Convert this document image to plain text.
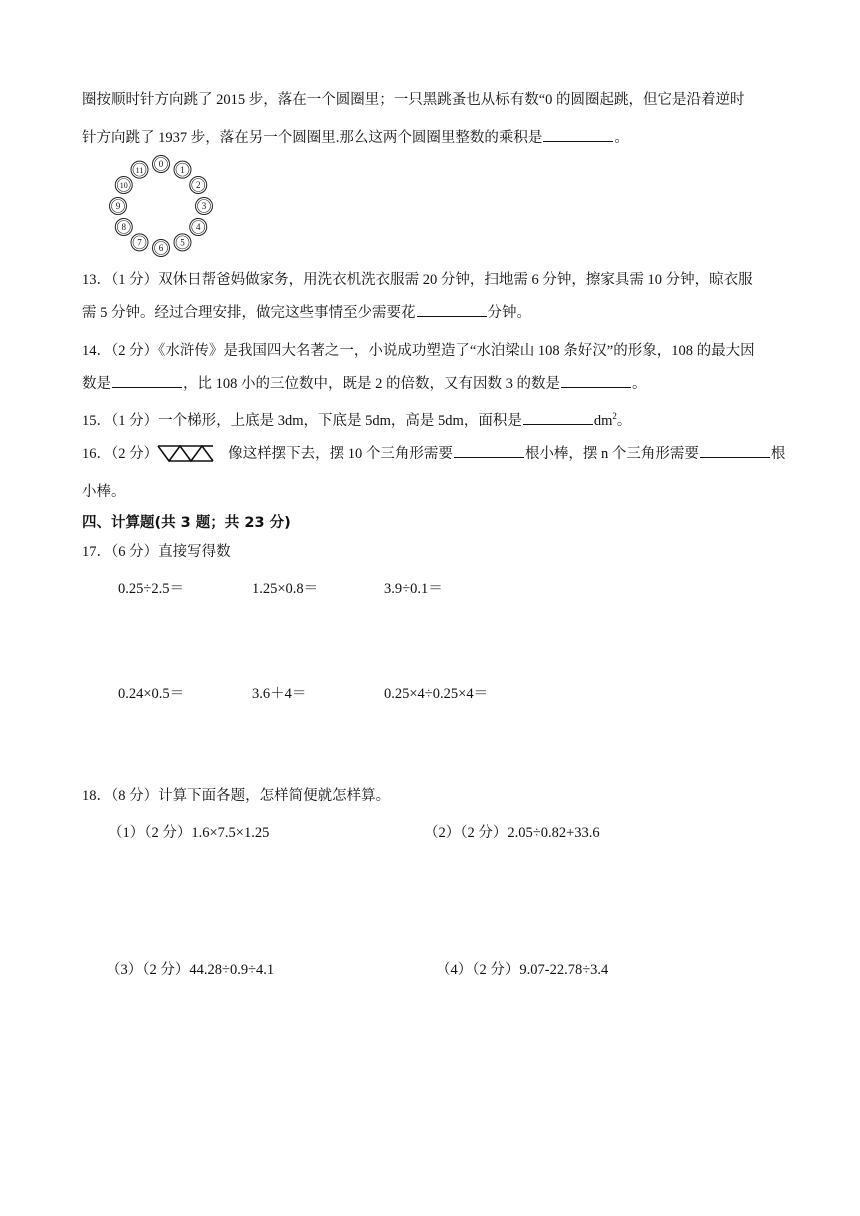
圈按顺时针方向跳了 2015 步，落在一个圆圈里；一只黑跳蚤也从标有数“0 的圆圈起跳，但它是沿着逆时
针方向跳了 1937 步，落在另一个圆圈里.那么这两个圆圈里整数的乘积是	。
0
1
2
3
4
5
6
7
8
9
10
11
13．（1 分）双休日帮爸妈做家务，用洗衣机洗衣服需 20 分钟，扫地需 6 分钟，擦家具需 10 分钟，晾衣服
需 5 分钟。经过合理安排，做完这些事情至少需要花	分钟。
14．（2 分）《水浒传》是我国四大名著之一，小说成功塑造了“水泊梁山 108 条好汉”的形象，108 的最大因
数是	，比 108 小的三位数中，既是 2 的倍数，又有因数 3 的数是	。
15．（1 分）一个梯形，上底是 3dm，下底是 5dm，高是 5dm，面积是	$dm^2$。
16．（2 分）	像这样摆下去，摆 10 个三角形需要	根小棒，摆 n 个三角形需要	根
小棒。
四、计算题(共 3 题；共 23 分)
17．（6 分）直接写得数
0.25÷2.5＝	1.25×0.8＝	3.9÷0.1＝
0.24×0.5＝	3.6＋4＝	0.25×4÷0.25×4＝
18．（8 分）计算下面各题，怎样简便就怎样算。
（1）（2 分）1.6×7.5×1.25	（2）（2 分）2.05÷0.82+33.6
（3）（2 分）44.28÷0.9÷4.1	（4）（2 分）9.07-22.78÷3.4
